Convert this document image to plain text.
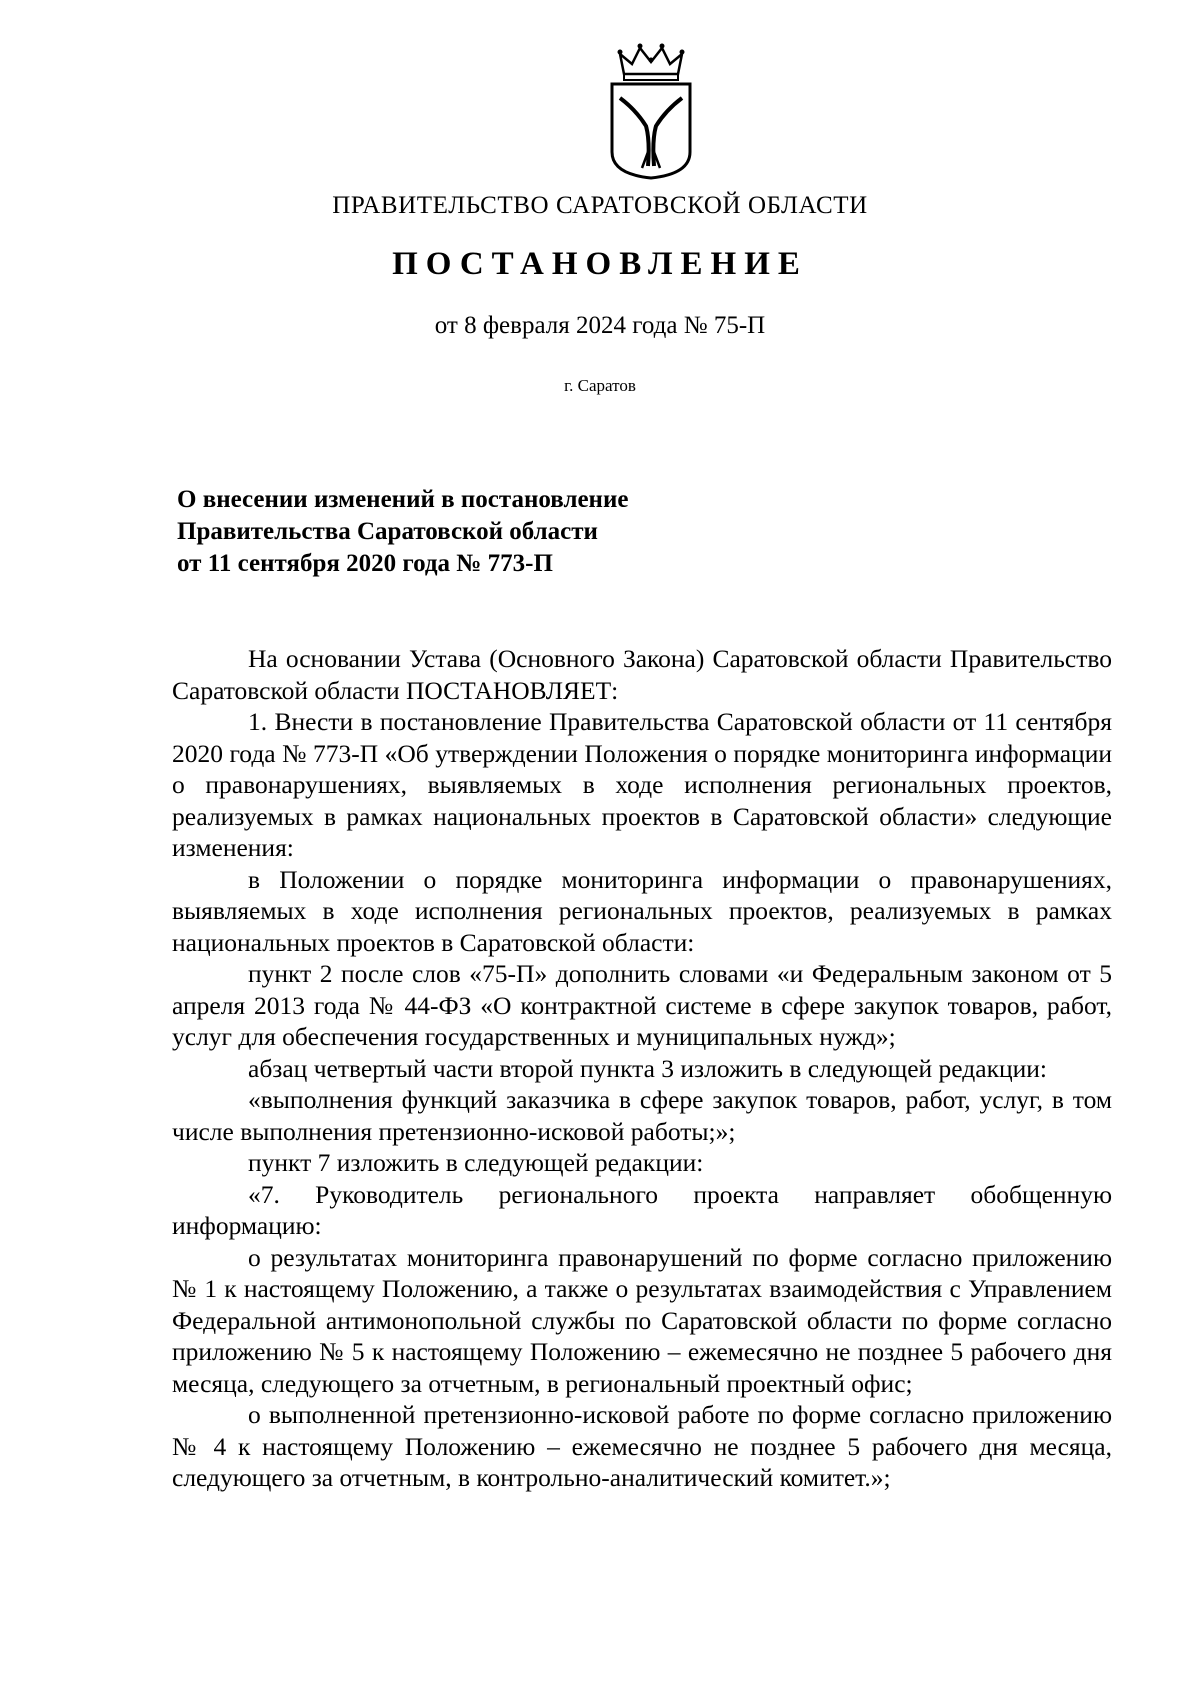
ПРАВИТЕЛЬСТВО САРАТОВСКОЙ ОБЛАСТИ
ПОСТАНОВЛЕНИЕ
от 8 февраля 2024 года № 75-П
г. Саратов
О внесении изменений в постановление
Правительства Саратовской области
от 11 сентября 2020 года № 773-П

На основании Устава (Основного Закона) Саратовской области Правительство Саратовской области ПОСТАНОВЛЯЕТ:

1. Внести в постановление Правительства Саратовской области от 11 сентября 2020 года № 773-П «Об утверждении Положения о порядке мониторинга информации о правонарушениях, выявляемых в ходе исполнения региональных проектов, реализуемых в рамках национальных проектов в Саратовской области» следующие изменения:

в Положении о порядке мониторинга информации о правонарушениях, выявляемых в ходе исполнения региональных проектов, реализуемых в рамках национальных проектов в Саратовской области:

пункт 2 после слов «75-П» дополнить словами «и Федеральным законом от 5 апреля 2013 года № 44-ФЗ «О контрактной системе в сфере закупок товаров, работ, услуг для обеспечения государственных и муниципальных нужд»;

абзац четвертый части второй пункта 3 изложить в следующей редакции:

«выполнения функций заказчика в сфере закупок товаров, работ, услуг, в том числе выполнения претензионно-исковой работы;»;

пункт 7 изложить в следующей редакции:

«7. Руководитель регионального проекта направляет обобщенную информацию:

о результатах мониторинга правонарушений по форме согласно приложению № 1 к настоящему Положению, а также о результатах взаимодействия с Управлением Федеральной антимонопольной службы по Саратовской области по форме согласно приложению № 5 к настоящему Положению – ежемесячно не позднее 5 рабочего дня месяца, следующего за отчетным, в региональный проектный офис;

о выполненной претензионно-исковой работе по форме согласно приложению № 4 к настоящему Положению – ежемесячно не позднее 5 рабочего дня месяца, следующего за отчетным, в контрольно-аналитический комитет.»;
